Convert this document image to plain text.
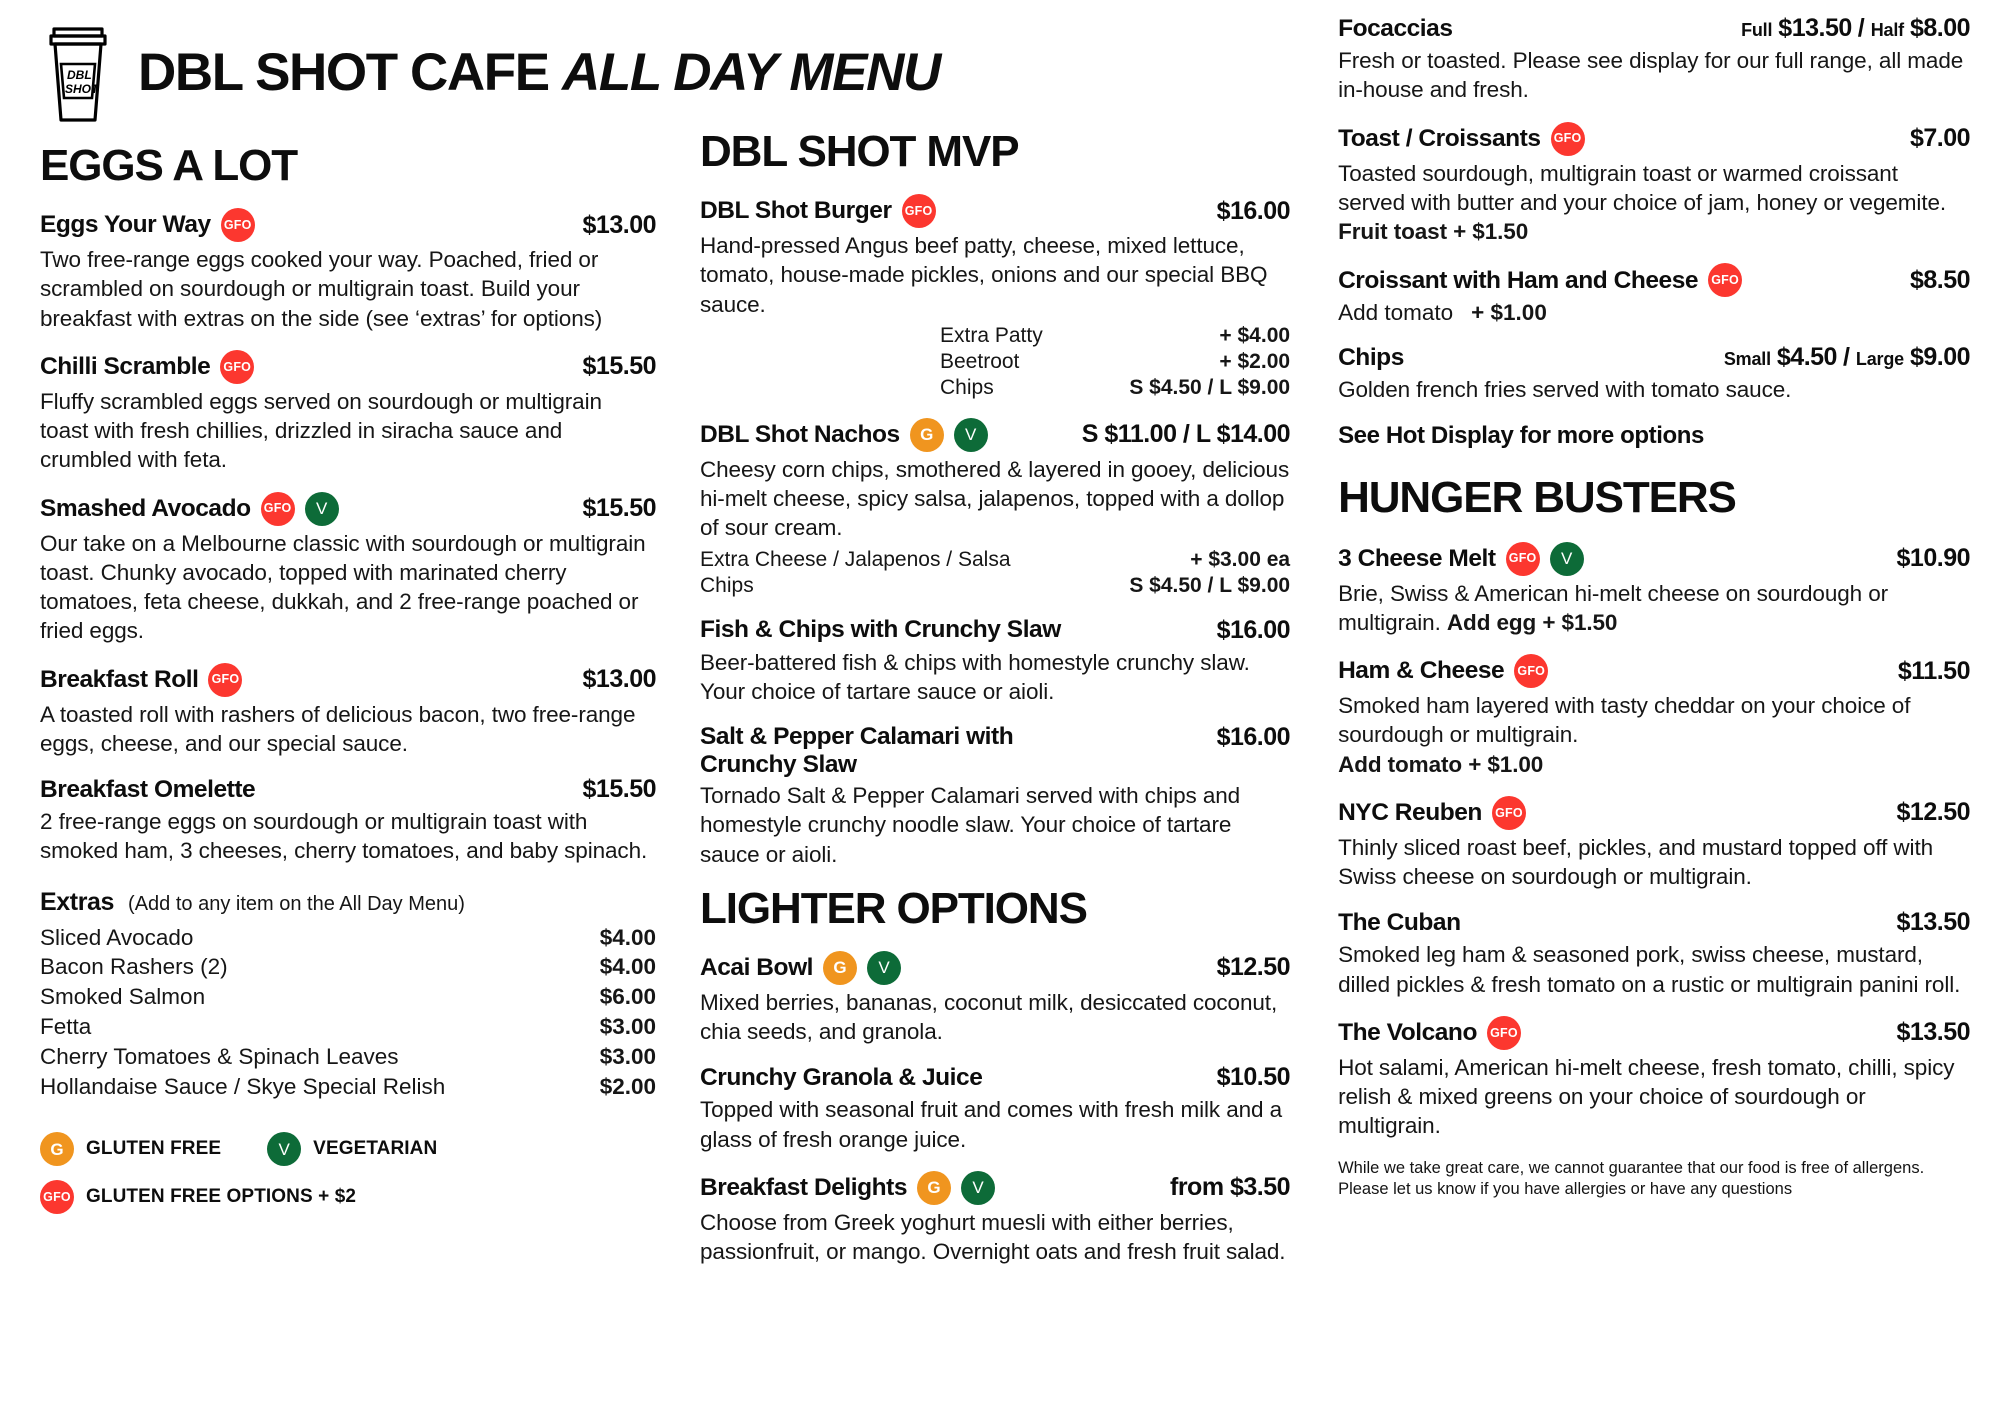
DBL
SHOT DBL SHOT CAFE ALL DAY MENU
EGGS A LOT
Eggs Your Way GFO	$13.00
Two free-range eggs cooked your way. Poached, fried or scrambled on sourdough or multigrain toast. Build your breakfast with extras on the side (see ‘extras’ for options)
Chilli Scramble GFO	$15.50
Fluffy scrambled eggs served on sourdough or multigrain toast with fresh chillies, drizzled in siracha sauce and crumbled with feta.
Smashed Avocado GFO	V	$15.50
Our take on a Melbourne classic with sourdough or multigrain toast. Chunky avocado, topped with marinated cherry tomatoes, feta cheese, dukkah, and 2 free-range poached or fried eggs.
Breakfast Roll GFO	$13.00
A toasted roll with rashers of delicious bacon, two free-range eggs, cheese, and our special sauce.
Breakfast Omelette	$15.50
2 free-range eggs on sourdough or multigrain toast with smoked ham, 3 cheeses, cherry tomatoes, and baby spinach.
Extras (Add to any item on the All Day Menu)
Sliced Avocado	$4.00
Bacon Rashers (2)	$4.00
Smoked Salmon	$6.00
Fetta	$3.00
Cherry Tomatoes & Spinach Leaves	$3.00
Hollandaise Sauce / Skye Special Relish	$2.00
G	GLUTEN FREE	V	VEGETARIAN
GFO GLUTEN FREE OPTIONS + $2
DBL SHOT MVP
DBL Shot Burger GFO	$16.00
Hand-pressed Angus beef patty, cheese, mixed lettuce, tomato, house-made pickles, onions and our special BBQ sauce.
Extra Patty	+ $4.00
Beetroot	+ $2.00
Chips	S $4.50 / L $9.00
DBL Shot Nachos	G	V	S $11.00 / L $14.00
Cheesy corn chips, smothered & layered in gooey, delicious hi-melt cheese, spicy salsa, jalapenos, topped with a dollop of sour cream.
Extra Cheese / Jalapenos / Salsa	+ $3.00 ea
Chips	S $4.50 / L $9.00
Fish & Chips with Crunchy Slaw	$16.00
Beer-battered fish & chips with homestyle crunchy slaw. Your choice of tartare sauce or aioli.
Salt & Pepper Calamari with Crunchy Slaw
$16.00
Tornado Salt & Pepper Calamari served with chips and homestyle crunchy noodle slaw. Your choice of tartare sauce or aioli.
LIGHTER OPTIONS
Acai Bowl	G	V	$12.50
Mixed berries, bananas, coconut milk, desiccated coconut, chia seeds, and granola.
Crunchy Granola & Juice	$10.50
Topped with seasonal fruit and comes with fresh milk and a glass of fresh orange juice.
Breakfast Delights	G	V	from $3.50
Choose from Greek yoghurt muesli with either berries, passionfruit, or mango. Overnight oats and fresh fruit salad.
Focaccias	Full $13.50 / Half $8.00
Fresh or toasted. Please see display for our full range, all made in-house and fresh.
Toast / Croissants GFO	$7.00
Toasted sourdough, multigrain toast or warmed croissant served with butter and your choice of jam, honey or vegemite. Fruit toast + $1.50
Croissant with Ham and Cheese GFO	$8.50
Add tomato + $1.00
Chips	Small $4.50 / Large $9.00
Golden french fries served with tomato sauce.
See Hot Display for more options
HUNGER BUSTERS
3 Cheese Melt GFO	V	$10.90
Brie, Swiss & American hi-melt cheese on sourdough or multigrain. Add egg + $1.50
Ham & Cheese GFO	$11.50
Smoked ham layered with tasty cheddar on your choice of sourdough or multigrain.
Add tomato + $1.00
NYC Reuben GFO	$12.50
Thinly sliced roast beef, pickles, and mustard topped off with Swiss cheese on sourdough or multigrain.
The Cuban	$13.50
Smoked leg ham & seasoned pork, swiss cheese, mustard, dilled pickles & fresh tomato on a rustic or multigrain panini roll.
The Volcano GFO	$13.50
Hot salami, American hi-melt cheese, fresh tomato, chilli, spicy relish & mixed greens on your choice of sourdough or multigrain.
While we take great care, we cannot guarantee that our food is free of allergens. Please let us know if you have allergies or have any questions
